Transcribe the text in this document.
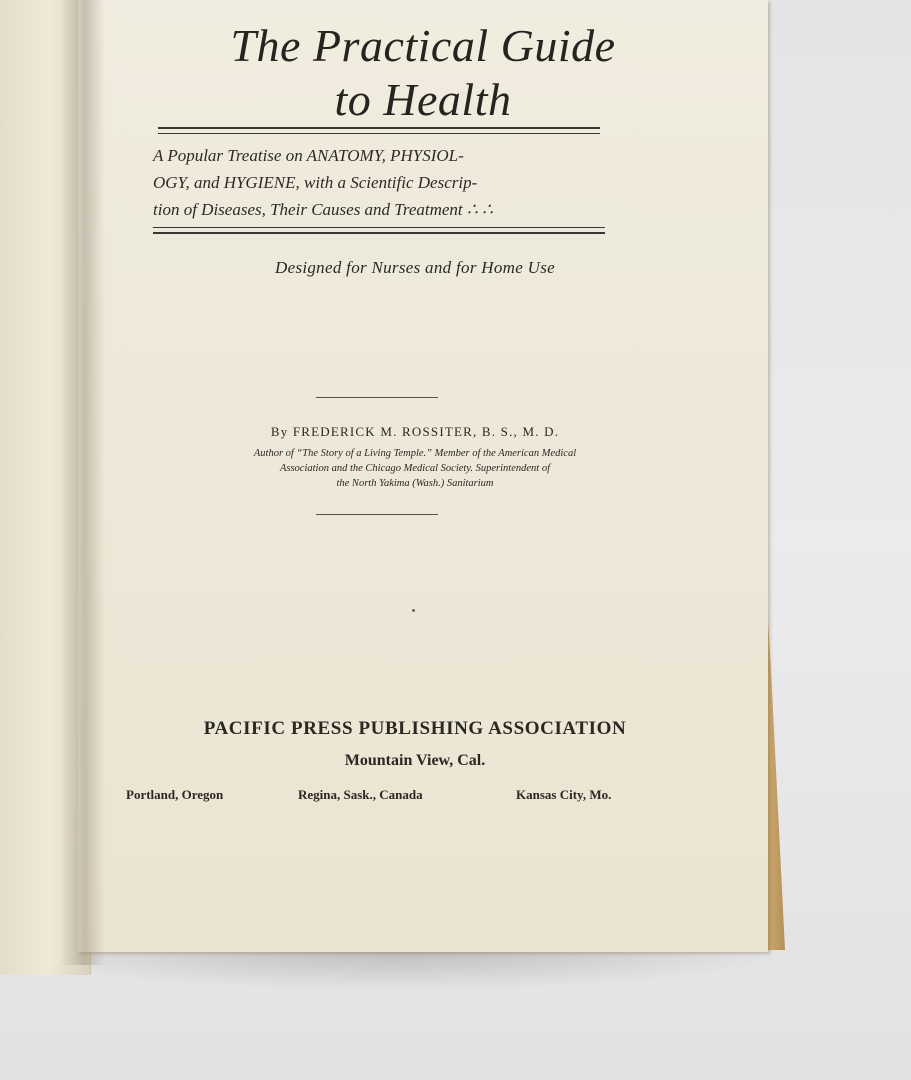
The Practical Guide
to Health
A Popular Treatise on ANATOMY, PHYSIOL-
OGY, and HYGIENE, with a Scientific Descrip-
tion of Diseases, Their Causes and Treatment ∴ ∴
Designed for Nurses and for Home Use
By FREDERICK M. ROSSITER, B. S., M. D.
Author of “The Story of a Living Temple.” Member of the American Medical
Association and the Chicago Medical Society. Superintendent of
the North Yakima (Wash.) Sanitarium
PACIFIC PRESS PUBLISHING ASSOCIATION
Mountain View, Cal.
Portland, Oregon	Regina, Sask., Canada	Kansas City, Mo.
